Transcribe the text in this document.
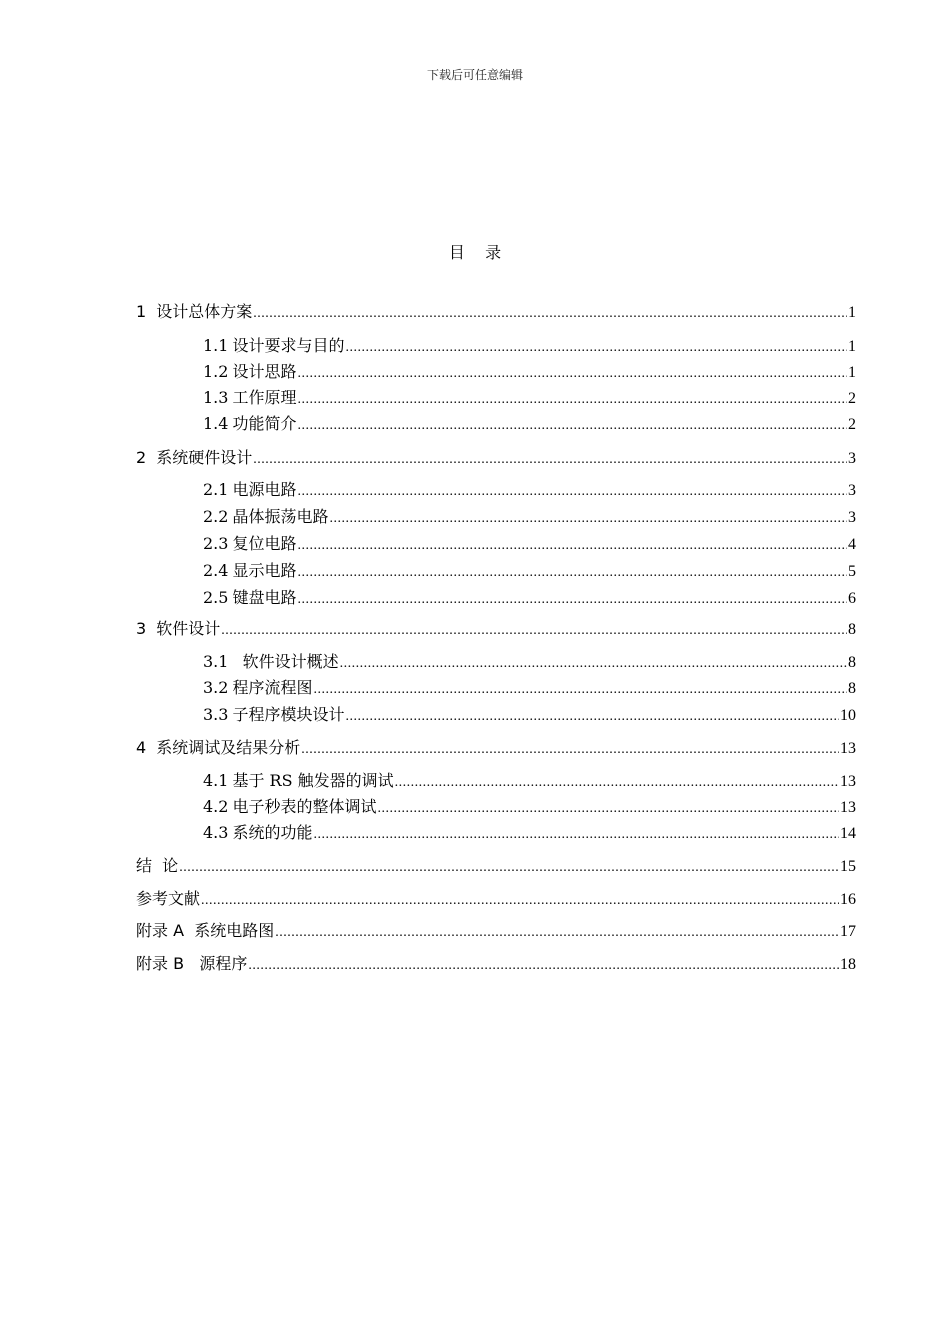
下载后可任意编辑
目    录
1 设计总体方案 .....	1
1.1 设计要求与目的 .....	1
1.2 设计思路 .....	1
1.3 工作原理 .....	2
1.4 功能简介 .....	2
2 系统硬件设计 .....	3
2.1 电源电路 .....	3
2.2 晶体振荡电路 .....	3
2.3 复位电路 .....	4
2.4 显示电路 .....	5
2.5 键盘电路 .....	6
3 软件设计 .....	8
3.1 软件设计概述 .....	8
3.2 程序流程图 .....	8
3.3 子程序模块设计 .....	10
4 系统调试及结果分析 .....	13
4.1 基于 RS 触发器的调试 .....	13
4.2 电子秒表的整体调试 .....	13
4.3 系统的功能 .....	14
结  论 .....	15
参考文献 .....	16
附录 A  系统电路图 .....	17
附录 B   源程序 .....	18
